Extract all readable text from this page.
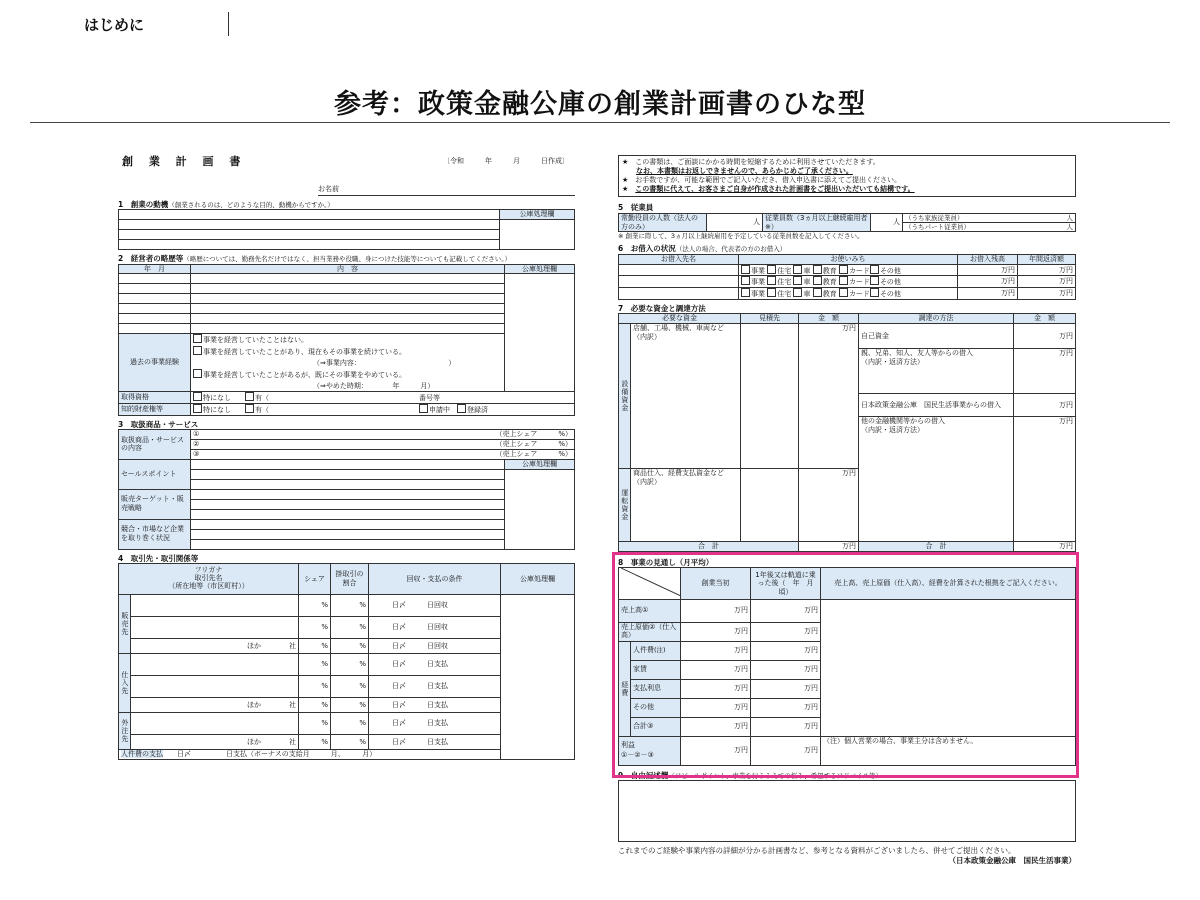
はじめに
参考：政策金融公庫の創業計画書のひな型
創 業 計 画 書	〔令和　　　年　　　月　　　日作成〕
お名前
1　創業の動機（創業されるのは、どのような目的、動機からですか。）
	公庫処理欄

2　経営者の略歴等（略歴については、勤務先名だけではなく、担当業務や役職、身につけた技能等についても記載してください。）
年　月	内　容	公庫処理欄

過去の事業経験	事業を経営していたことはない。
事業を経営していたことがあり、現在もその事業を続けている。
（⇒事業内容：　　　　　　　　　　　　　）
事業を経営していたことがあるが、既にその事業をやめている。
（⇒やめた時期：　　　　年　　　月）	

取得資格	特になし　　 有（ 番号等	
知的財産権等	特になし　　 有（ 申請中　 登録済	
3　取扱商品・サービス
取扱商品・サービスの内容	① （売上シェア　　　%）	

	② （売上シェア　　　%）	

	③ （売上シェア　　　%）	

セールスポイント		公庫処理欄

販売ターゲット・販売戦略		

競合・市場など企業を取り巻く状況		

4　取引先・取引関係等
フリガナ
取引先名
（所在地等（市区町村））		シェア	掛取引の割合	回収・支払の条件	公庫処理欄
販売先		%	%	　　　日〆　　　 日回収	
		%	%	　　　日〆　　　 日回収	
	ほか　　　　 社	%	%	　　　日〆　　　 日回収	
仕入先		%	%	　　　日〆　　　 日支払	
		%	%	　　　日〆　　　 日支払	
	ほか　　　　 社	%	%	　　　日〆　　　 日支払	
外注先		%	%	　　　日〆　　　 日支払	
	ほか　　　　 社	%	%	　　　日〆　　　 日支払	
人件費の支払　　 日〆　　　　　 日支払（ボーナスの支給月　　　 月、　　　 月）					
★　この書類は、ご面談にかかる時間を短縮するために利用させていただきます。
　　なお、本書類はお返しできませんので、あらかじめご了承ください。
★　お手数ですが、可能な範囲でご記入いただき、借入申込書に添えてご提出ください。
★　この書類に代えて、お客さまご自身が作成された計画書をご提出いただいても結構です。
5　従業員
常勤役員の人数（法人の方のみ）	人	従業員数（3ヵ月以上継続雇用者※）	人	（うち家族従業員）	人

（うちパート従業員）	人
※ 創業に際して、3ヵ月以上継続雇用を予定している従業員数を記入してください。
6　お借入の状況（法人の場合、代表者の方のお借入）
お借入先名	お使いみち	お借入残高	年間返済額
	事業 住宅 車 教育 カード その他	万円	万円
	事業 住宅 車 教育 カード その他	万円	万円
	事業 住宅 車 教育 カード その他	万円	万円
7　必要な資金と調達方法
必要な資金		見積先	金　額	調達の方法	金　額
設備資金	店舗、工場、機械、車両など
（内訳）		万円	自己資金	万円

				親、兄弟、知人、友人等からの借入
（内訳・返済方法）	万円
				日本政策金融公庫　国民生活事業からの借入	万円

				他の金融機関等からの借入
（内訳・返済方法）	万円
運転資金	商品仕入、経費支払資金など
（内訳）		万円		
合　計			万円	合　計	万円
8　事業の見通し（月平均）
	創業当初	1年後又は軌道に乗った後（　年　月頃）	売上高、売上原価（仕入高）、経費を計算された根拠をご記入ください。
売上高①		万円	万円	
売上原価②（仕入高）		万円	万円	
経費	人件費(注)	万円	万円	
	家賃	万円	万円	
	支払利息	万円	万円	
	その他	万円	万円	
	合計③	万円	万円	

利益
①－②－③		万円	万円	（注）個人営業の場合、事業主分は含めません。
9　自由記述欄（アピールポイント、事業を行ううえでの悩み、希望するアドバイス等）
これまでのご経験や事業内容の詳細が分かる計画書など、参考となる資料がございましたら、併せてご提出ください。
（日本政策金融公庫　国民生活事業）
